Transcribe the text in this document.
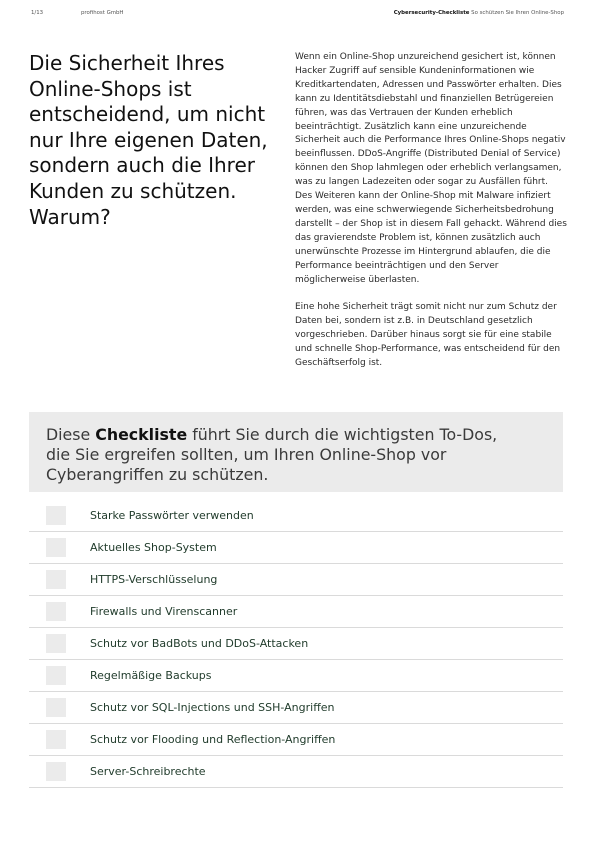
1/13	profihost GmbH	Cybersecurity-Checkliste So schützen Sie Ihren Online-Shop
Die Sicherheit Ihres Online-Shops ist entscheidend, um nicht nur Ihre eigenen Daten, sondern auch die Ihrer Kunden zu schützen. Warum?

Wenn ein Online-Shop unzureichend gesichert ist, können Hacker Zugriff auf sensible Kundeninformationen wie Kreditkartendaten, Adressen und Passwörter erhalten. Dies kann zu Identitätsdiebstahl und finanziellen Betrügereien führen, was das Vertrauen der Kunden erheblich beeinträchtigt. Zusätzlich kann eine unzureichende Sicherheit auch die Performance Ihres Online-Shops negativ beeinflussen. DDoS-Angriffe (Distributed Denial of Service) können den Shop lahmlegen oder erheblich verlangsamen, was zu langen Ladezeiten oder sogar zu Ausfällen führt. Des Weiteren kann der Online-Shop mit Malware infiziert werden, was eine schwerwiegende Sicherheitsbedrohung darstellt – der Shop ist in diesem Fall gehackt. Während dies das gravierendste Problem ist, können zusätzlich auch unerwünschte Prozesse im Hintergrund ablaufen, die die Performance beeinträchtigen und den Server möglicherweise überlasten.

Eine hohe Sicherheit trägt somit nicht nur zum Schutz der Daten bei, sondern ist z.B. in Deutschland gesetzlich vorgeschrieben. Darüber hinaus sorgt sie für eine stabile und schnelle Shop-Performance, was entscheidend für den Geschäftserfolg ist.

Diese Checkliste führt Sie durch die wichtigsten To-Dos, die Sie ergreifen sollten, um Ihren Online-Shop vor Cyberangriffen zu schützen.
Starke Passwörter verwenden
Aktuelles Shop-System
HTTPS-Verschlüsselung
Firewalls und Virenscanner
Schutz vor BadBots und DDoS-Attacken
Regelmäßige Backups
Schutz vor SQL-Injections und SSH-Angriffen
Schutz vor Flooding und Reflection-Angriffen
Server-Schreibrechte
